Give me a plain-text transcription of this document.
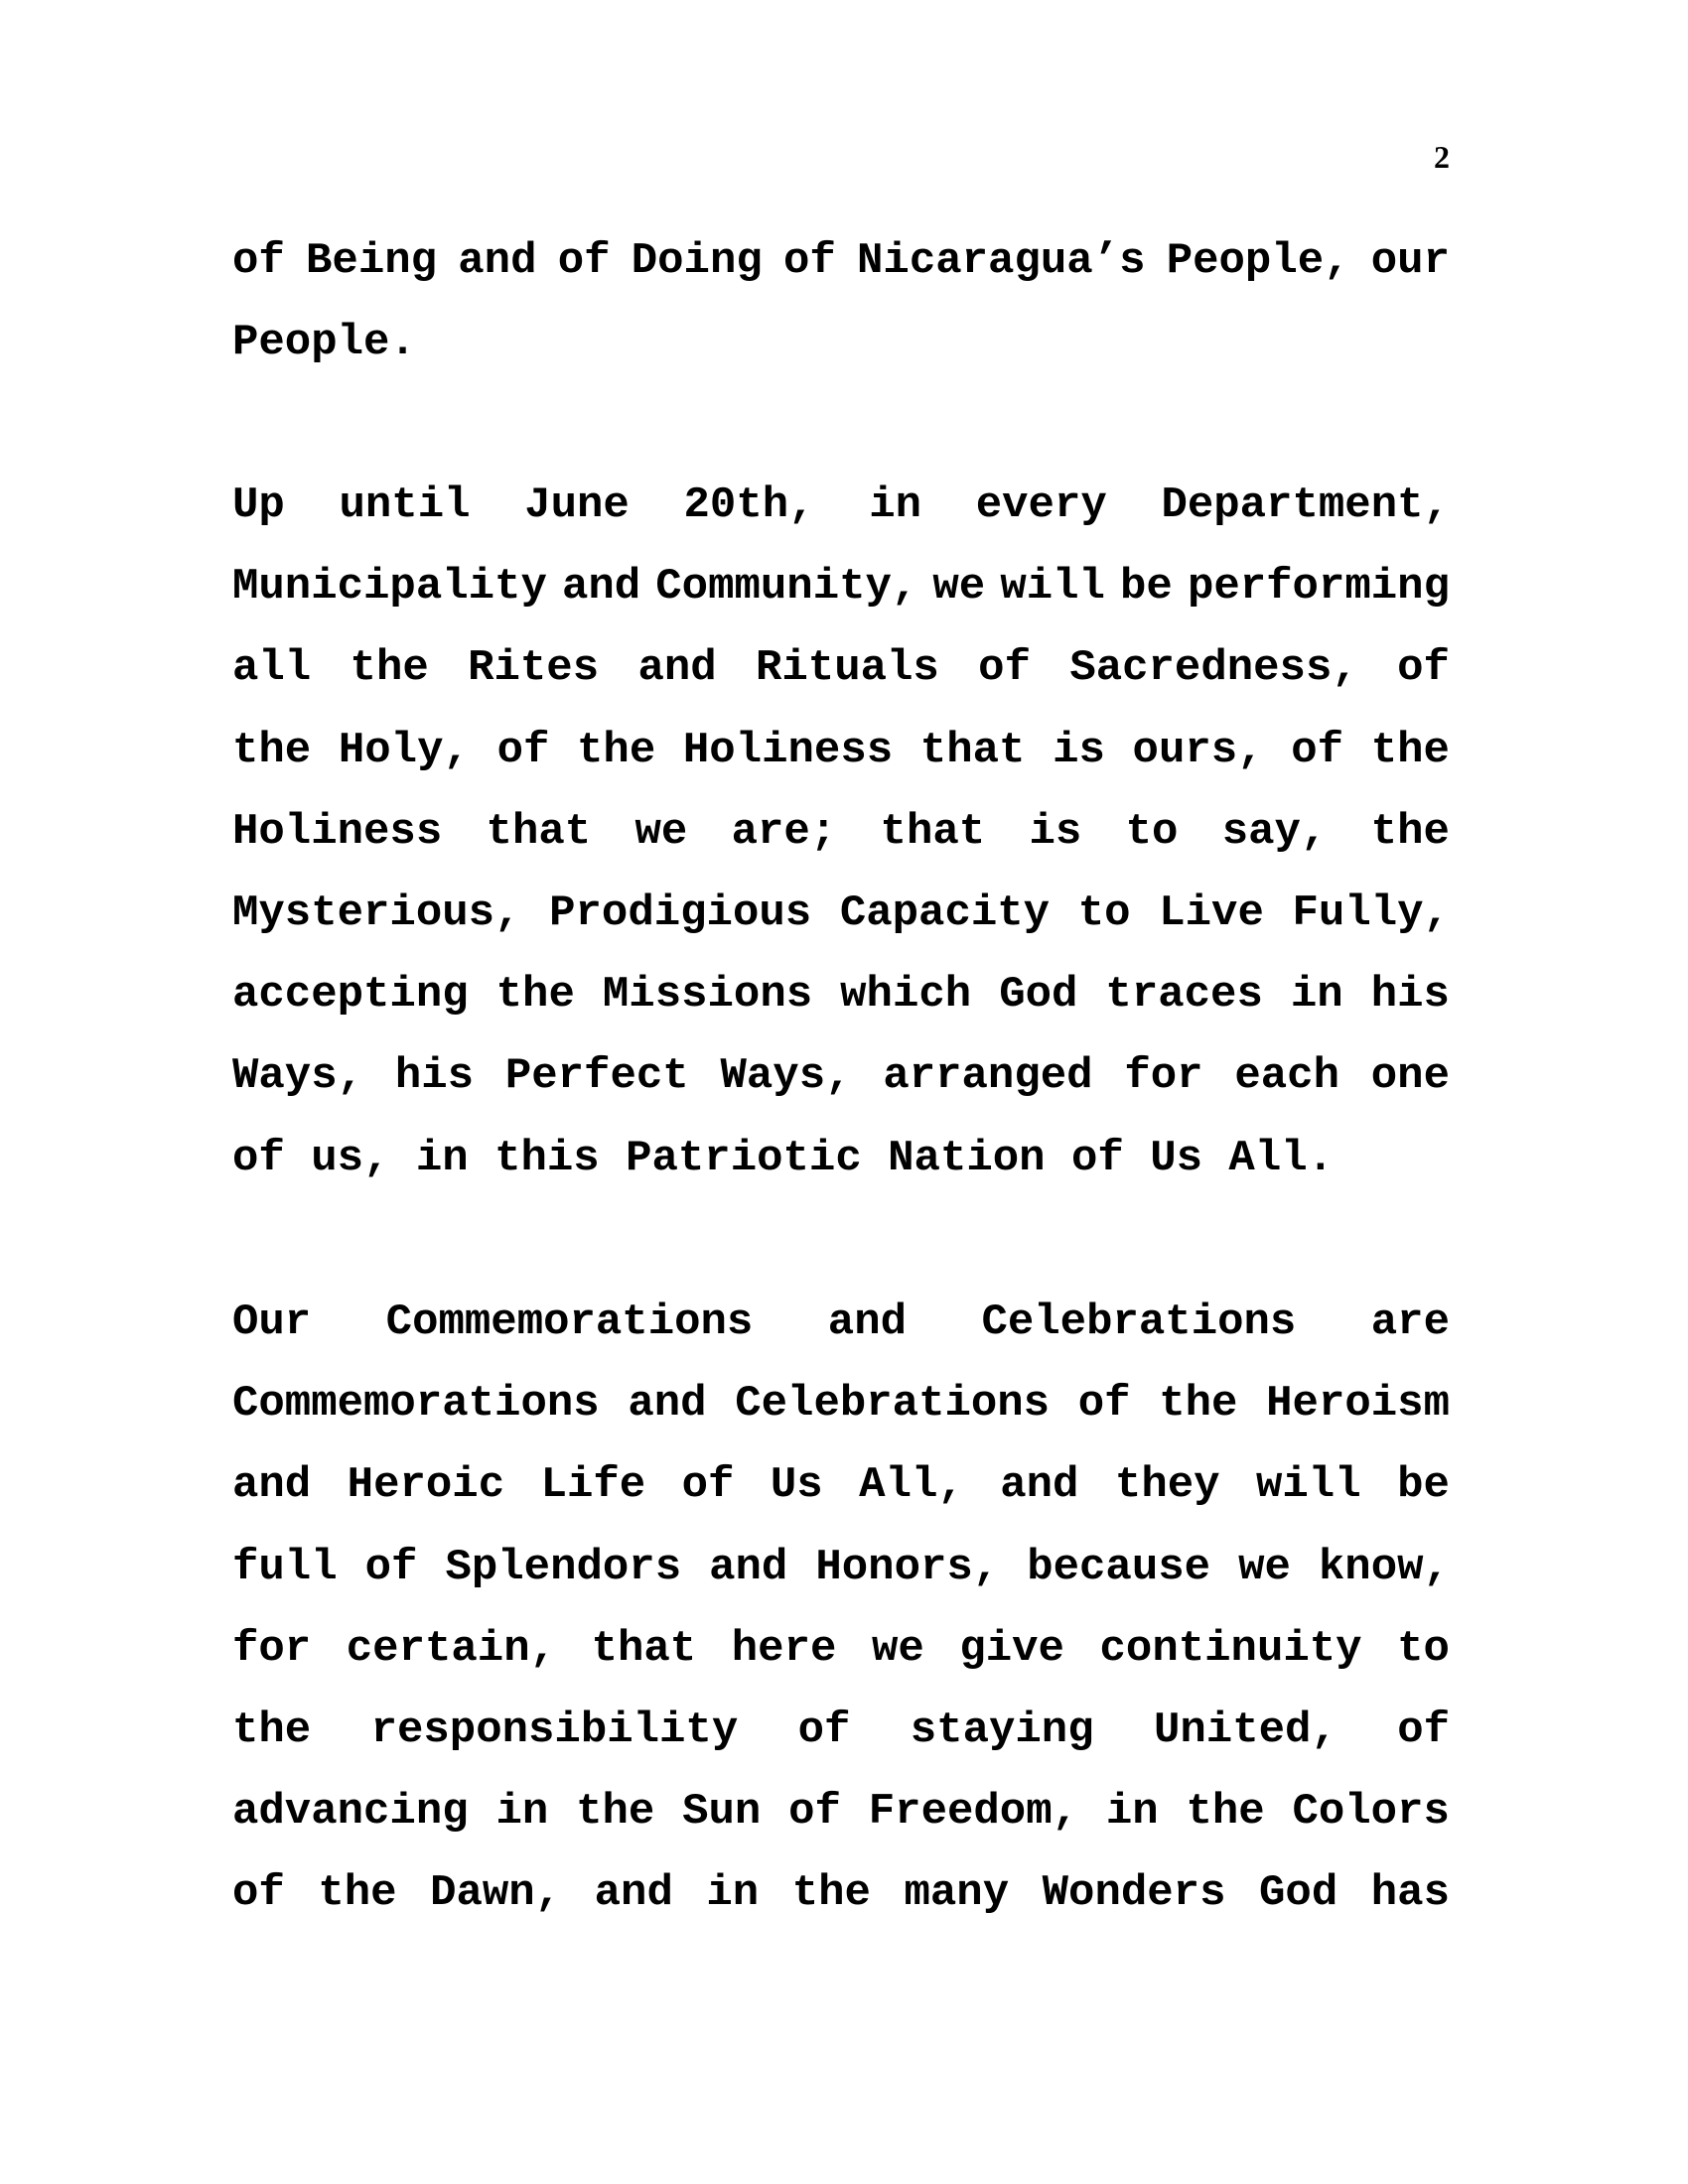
2
of Being and of Doing of Nicaragua’s People, our
People.
Up until June 20th, in every Department,
Municipality and Community, we will be performing
all the Rites and Rituals of Sacredness, of
the Holy, of the Holiness that is ours, of the
Holiness that we are; that is to say, the
Mysterious, Prodigious Capacity to Live Fully,
accepting the Missions which God traces in his
Ways, his Perfect Ways, arranged for each one
of us, in this Patriotic Nation of Us All.
Our Commemorations and Celebrations are
Commemorations and Celebrations of the Heroism
and Heroic Life of Us All, and they will be
full of Splendors and Honors, because we know,
for certain, that here we give continuity to
the responsibility of staying United, of
advancing in the Sun of Freedom, in the Colors
of the Dawn, and in the many Wonders God has
